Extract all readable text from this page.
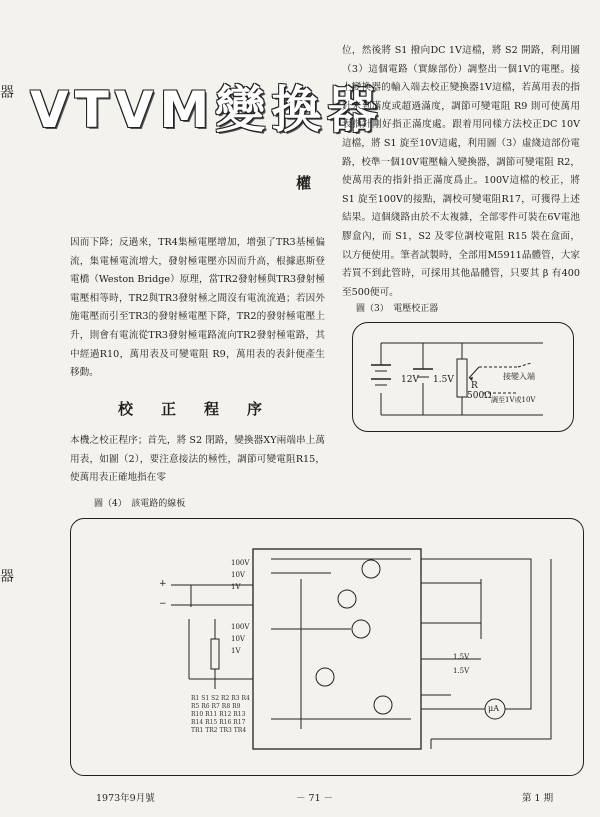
器
器
VTVM變換器
權
位，然後將 S1 撥向DC 1V這檔，將 S2 開路，利用圖（3）這個電路（實線部份）調整出一個1V的電壓。接上變換器的輸入端去校正變換器1V這檔，若萬用表的指針未到滿度或超過滿度，調節可變電阻 R9 則可使萬用表指針剛好指正滿度處。跟着用同樣方法校正DC 10V這檔，將 S1 旋至10V這處，利用圖（3）虛綫這部份電路，校準一個10V電壓輸入變換器，調節可變電阻 R2，使萬用表的指針指正滿度爲止。100V這檔的校正，將 S1 旋至100V的接點，調校可變電阻R17，可獲得上述結果。這個綫路由於不太複雜，全部零件可裝在6V電池膠盒內，而 S1，S2 及零位調校電阻 R15 裝在盒面，以方便使用。筆者試製時，全部用M5911晶體管，大家若買不到此管時，可採用其他晶體管，只要其 β 有400至500便可。
因而下降；反過來，TR4集極電壓增加，增强了TR3基極偏流，集電極電流增大，發射極電壓亦因而升高，根據惠斯登電橋（Weston Bridge）原理，當TR2發射極與TR3發射極電壓相等時，TR2與TR3發射極之間沒有電流流過；若因外施電壓而引至TR3的發射極電壓下降，TR2的發射極電壓上升，則會有電流從TR3發射極電路流向TR2發射極電路，其中經過R10，萬用表及可變電阻 R9，萬用表的表針便產生移動。
校正程序
本機之校正程序；首先，將 S2 閉路，變換器XY兩端串上萬用表，如圖（2），要注意接法的極性，調節可變電阻R15，使萬用表正確地指在零
圖（3）　電壓校正器
12V 1.5V
R
500Ω
接變入端
調至1V或10V
圖（4）　該電路的線板
+
−
100V
10V
1V
100V
10V
1V
1.5V
1.5V
μA
R1 S1 S2 R2 R3 R4 R5 R6 R7 R8 R9 R10 R11 R12 R13 R14 R15 R16 R17 TR1 TR2 TR3 TR4
1973年9月號	－ 71 －	第 1 期
